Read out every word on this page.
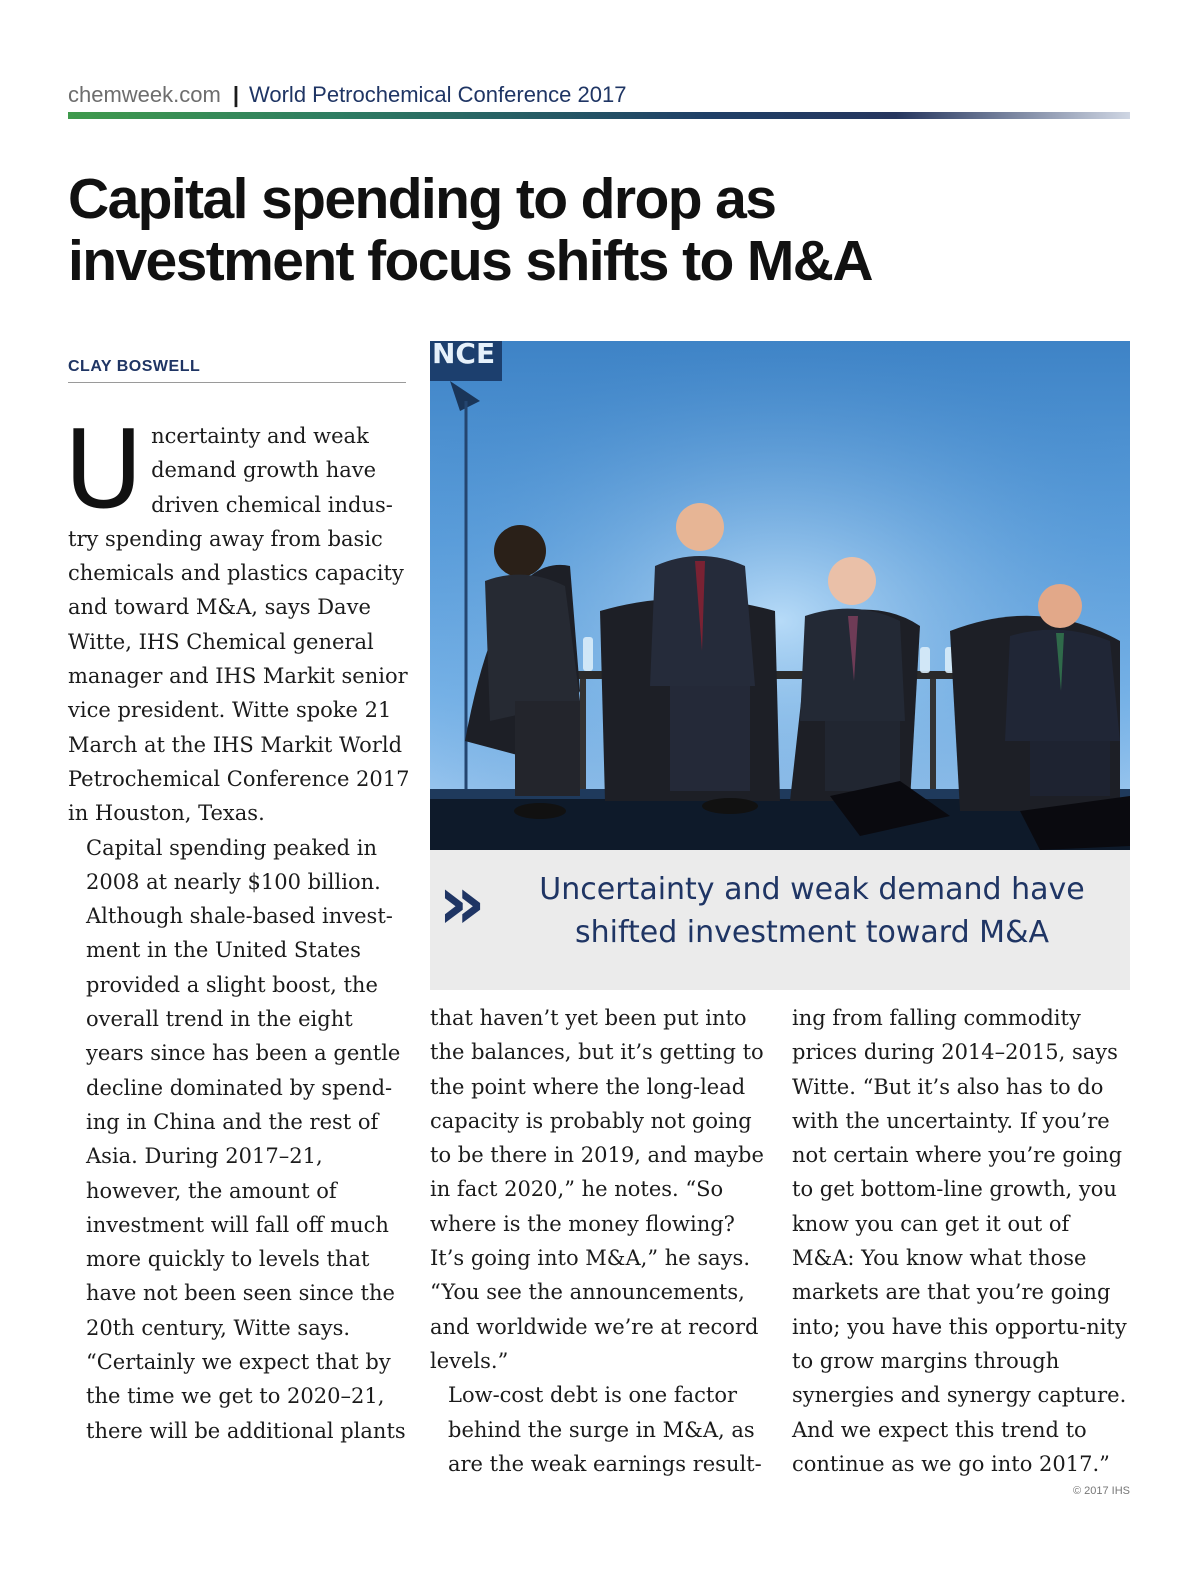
chemweek.com | World Petrochemical Conference 2017
Capital spending to drop as
investment focus shifts to M&A
CLAY BOSWELL

Uncertainty and weak demand growth have driven chemical indus-try spending away from basic chemicals and plastics capacity and toward M&A, says Dave Witte, IHS Chemical general manager and IHS Markit senior vice president. Witte spoke 21 March at the IHS Markit World Petrochemical Conference 2017 in Houston, Texas.

Capital spending peaked in 2008 at nearly $100 billion. Although shale-based invest-ment in the United States provided a slight boost, the overall trend in the eight years since has been a gentle decline dominated by spend-ing in China and the rest of Asia. During 2017–21, however, the amount of investment will fall off much more quickly to levels that have not been seen since the 20th century, Witte says.

“Certainly we expect that by the time we get to 2020–21, there will be additional plants

NCE
»	Uncertainty and weak demand have shifted investment toward M&A

that haven’t yet been put into the balances, but it’s getting to the point where the long-lead capacity is probably not going to be there in 2019, and maybe in fact 2020,” he notes. “So where is the money flowing? It’s going into M&A,” he says. “You see the announcements, and worldwide we’re at record levels.”

Low-cost debt is one factor behind the surge in M&A, as are the weak earnings result-

ing from falling commodity prices during 2014–2015, says Witte. “But it’s also has to do with the uncertainty. If you’re not certain where you’re going to get bottom-line growth, you know you can get it out of M&A: You know what those markets are that you’re going into; you have this opportu-nity to grow margins through synergies and synergy capture. And we expect this trend to continue as we go into 2017.”

© 2017 IHS
